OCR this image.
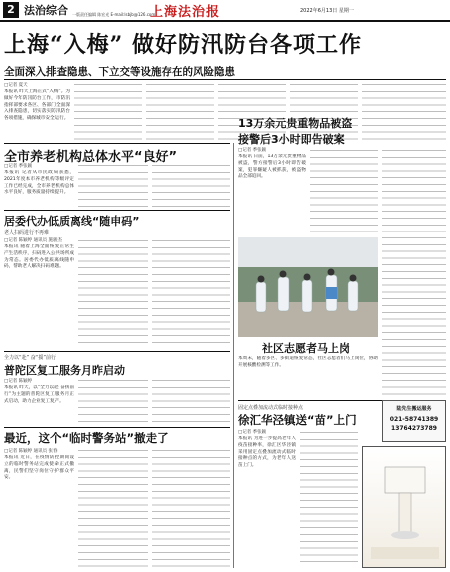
2 法治综合 一版责任编辑 陈宏光 E-mail:lsbjb@126.com
上海法治报	2022年6月13日 星期一
上海“入梅” 做好防汛防台各项工作
全面深入排查隐患、下立交等设施存在的风险隐患
□记者 夏天
本报讯 昨天上海正式“入梅”。为做好今年防汛防台工作，市防汛指挥部要求各区、各部门全面深入排查隐患，切实落实防汛防台各项措施，确保城市安全运行。
全市养老机构总体水平“良好”
□记者 季张颖
本报讯 记者从市民政局获悉，2021年度本市养老机构等级评定工作已经完成，全市养老机构总体水平良好，服务质量持续提升。
居委代办低质离线“随申码”
老人扫码进行不再难
□记者 陈颖婷 通讯员 施骏杰
本报讯 随着上海全面恢复正常生产生活秩序，扫码进入公共场所成为常态。居委代办低质离线随申码，帮助老人解决扫码难题。
全力以“赴” 奋“援”前行
普陀区复工服务月昨启动
□记者 陈颖婷
本报讯 昨天，以“全力以赴 奋援前行”为主题的普陀区复工服务月正式启动，助力企业复工复产。
最近，这个“临时警务站”撤走了
□记者 陈颖婷 通讯员 张春
本报讯 近日，在疫情防控期间设立的临时警务站完成使命正式撤离，民警们坚守岗位守护群众平安。
13万余元贵重物品被盗
接警后3小时即告破案
□记者 季张颖
本报讯 日前，13万余元贵重物品被盗，警方接警后3小时即告破案，犯罪嫌疑人被抓获，被盗物品全部追回。
社区志愿者马上岗
本周末，随着多区、多街道恢复常态，社区志愿者们马上岗位，协助开展核酸检测等工作。
固定点叠加流动式临时接种点
徐汇华泾镇送“苗”上门
□记者 季张颖
本报讯 为进一步提高老年人疫苗接种率，徐汇区华泾镇采用固定点叠加流动式临时接种点的方式，为老年人送苗上门。
陆先生搬运服务
021-58741389
13764273789
